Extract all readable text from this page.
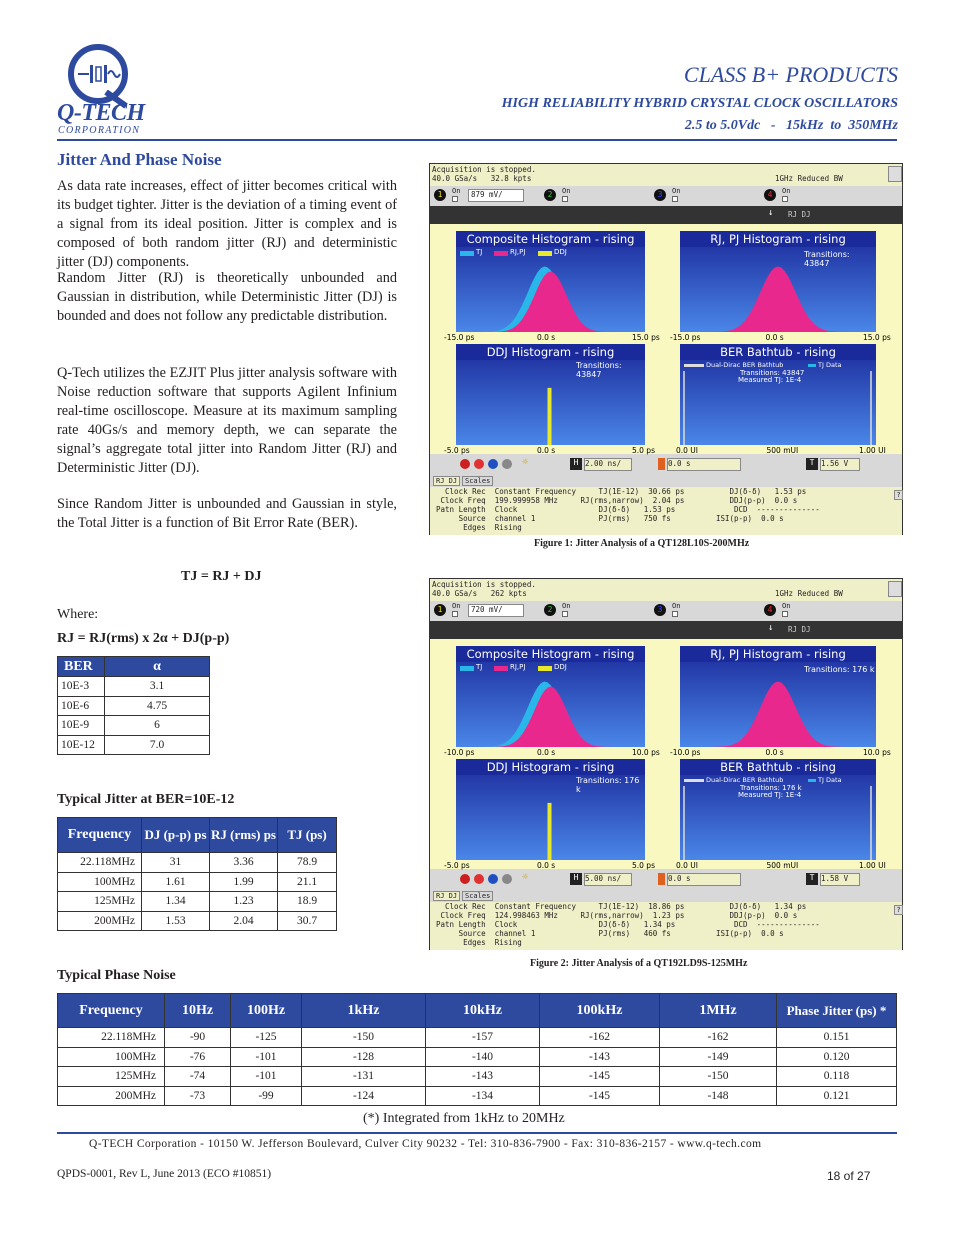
Q-TECH
CORPORATION
CLASS B+ PRODUCTS
HIGH RELIABILITY HYBRID CRYSTAL CLOCK OSCILLATORS
2.5 to 5.0Vdc   -   15kHz  to  350MHz
Jitter And Phase Noise
As data rate increases, effect of jitter becomes critical with its budget tighter. Jitter is the deviation of a timing event of a signal from its ideal position. Jitter is complex and is composed of both random jitter (RJ) and deterministic jitter (DJ) components.
Random Jitter (RJ) is theoretically unbounded and Gaussian in distribution, while Deterministic Jitter (DJ) is bounded and does not follow any predictable distribution.
Q-Tech utilizes the EZJIT Plus jitter analysis software with Noise reduction software that supports Agilent Infinium real-time oscilloscope. Measure at its maximum sampling rate 40Gs/s and memory depth, we can separate the signal’s aggregate total jitter into Random Jitter (RJ) and Deterministic Jitter (DJ).
Since Random Jitter is unbounded and Gaussian in style, the Total Jitter is a function of Bit Error Rate (BER).
TJ = RJ + DJ
Where:
RJ = RJ(rms) x 2α + DJ(p-p)
BER	α
10E-3	3.1
10E-6	4.75
10E-9	6
10E-12	7.0
Typical Jitter at BER=10E-12
Frequency	DJ (p-p) ps	RJ (rms) ps	TJ (ps)
22.118MHz	31	3.36	78.9
100MHz	1.61	1.99	21.1
125MHz	1.34	1.23	18.9
200MHz	1.53	2.04	30.7
Typical Phase Noise
Acquisition is stopped.
40.0 GSa/s   32.8 kpts	1GHz Reduced BW
1	On	879 mV/	2	On	3	On	4	On
RJ DJ
↓
Composite Histogram - rising
TJ	RJ,PJ	DDJ
RJ, PJ Histogram - rising
Transitions: 43847
DDJ Histogram - rising
Transitions: 43847
BER Bathtub - rising
Dual-Dirac BER Bathtub	TJ Data
Transitions: 43847
Measured TJ: 1E-4
-15.0 ps	0.0 s	15.0 ps -15.0 ps	0.0 s	15.0 ps
-5.0 ps	0.0 s	5.0 ps	0.0 UI	500 mUI	1.00 UI
☼	H 2.00 ns/	0.0 s	T 1.56 V
RJ DJ	Scales
Clock Rec  Constant Frequency     TJ(1E-12)  30.66 ps          DJ(δ-δ)   1.53 ps
Clock Freq  199.999958 MHz     RJ(rms,narrow)  2.04 ps          DDJ(p-p)  0.0 s
Patn Length  Clock                  DJ(δ-δ)   1.53 ps             DCD  --------------
Source  channel 1              PJ(rms)   750 fs          ISI(p-p)  0.0 s
Edges  Rising
?
Acquisition is stopped.
40.0 GSa/s   262 kpts	1GHz Reduced BW
1	On	720 mV/	2	On	3	On	4	On
RJ DJ
↓
Composite Histogram - rising
TJ	RJ,PJ	DDJ
RJ, PJ Histogram - rising
Transitions: 176 k
DDJ Histogram - rising
Transitions: 176 k
BER Bathtub - rising
Dual-Dirac BER Bathtub	TJ Data
Transitions: 176 k
Measured TJ: 1E-4
-10.0 ps	0.0 s	10.0 ps -10.0 ps	0.0 s	10.0 ps
-5.0 ps	0.0 s	5.0 ps	0.0 UI	500 mUI	1.00 UI
☼	H 5.00 ns/	0.0 s	T 1.58 V
RJ DJ	Scales
Clock Rec  Constant Frequency     TJ(1E-12)  18.86 ps          DJ(δ-δ)   1.34 ps
Clock Freq  124.998463 MHz     RJ(rms,narrow)  1.23 ps          DDJ(p-p)  0.0 s
Patn Length  Clock                  DJ(δ-δ)   1.34 ps             DCD  --------------
Source  channel 1              PJ(rms)   460 fs          ISI(p-p)  0.0 s
Edges  Rising
?
Figure 1: Jitter Analysis of a QT128L10S-200MHz
Figure 2: Jitter Analysis of a QT192LD9S-125MHz
Frequency	10Hz	100Hz	1kHz	10kHz	100kHz	1MHz	Phase Jitter (ps) *
22.118MHz	-90	-125	-150	-157	-162	-162	0.151
100MHz	-76	-101	-128	-140	-143	-149	0.120
125MHz	-74	-101	-131	-143	-145	-150	0.118
200MHz	-73	-99	-124	-134	-145	-148	0.121
(*) Integrated from 1kHz to 20MHz
Q-TECH Corporation - 10150 W. Jefferson Boulevard, Culver City 90232 - Tel: 310-836-7900 - Fax: 310-836-2157 - www.q-tech.com
QPDS-0001, Rev L, June 2013 (ECO #10851)	18 of 27
